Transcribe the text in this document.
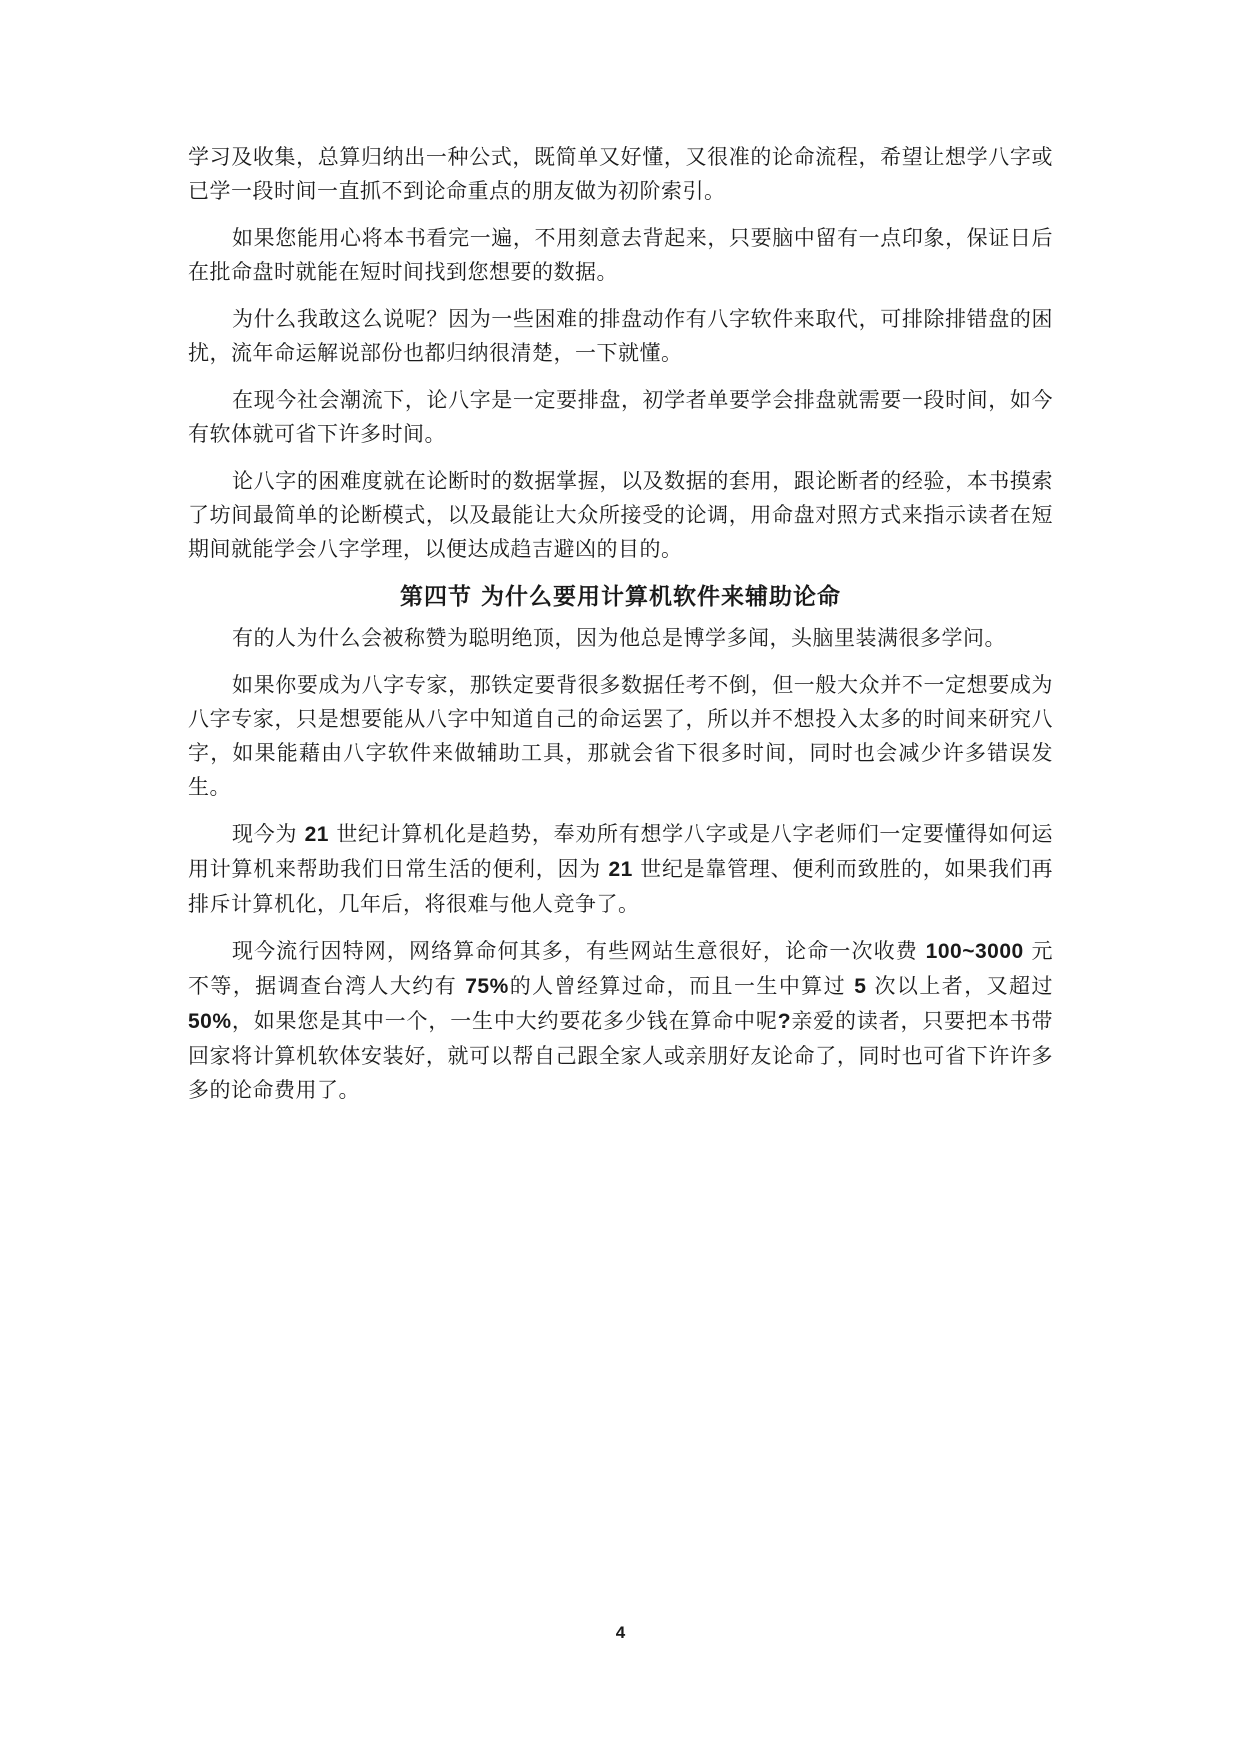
学习及收集，总算归纳出一种公式，既简单又好懂，又很准的论命流程，希望让想学八字或已学一段时间一直抓不到论命重点的朋友做为初阶索引。

如果您能用心将本书看完一遍，不用刻意去背起来，只要脑中留有一点印象，保证日后在批命盘时就能在短时间找到您想要的数据。

为什么我敢这么说呢？因为一些困难的排盘动作有八字软件来取代，可排除排错盘的困扰，流年命运解说部份也都归纳很清楚，一下就懂。

在现今社会潮流下，论八字是一定要排盘，初学者单要学会排盘就需要一段时间，如今有软体就可省下许多时间。

论八字的困难度就在论断时的数据掌握，以及数据的套用，跟论断者的经验，本书摸索了坊间最简单的论断模式，以及最能让大众所接受的论调，用命盘对照方式来指示读者在短期间就能学会八字学理，以便达成趋吉避凶的目的。

第四节 为什么要用计算机软件来辅助论命

有的人为什么会被称赞为聪明绝顶，因为他总是博学多闻，头脑里装满很多学问。

如果你要成为八字专家，那铁定要背很多数据任考不倒，但一般大众并不一定想要成为八字专家，只是想要能从八字中知道自己的命运罢了，所以并不想投入太多的时间来研究八字，如果能藉由八字软件来做辅助工具，那就会省下很多时间，同时也会减少许多错误发生。

现今为 21 世纪计算机化是趋势，奉劝所有想学八字或是八字老师们一定要懂得如何运用计算机来帮助我们日常生活的便利，因为 21 世纪是靠管理、便利而致胜的，如果我们再排斥计算机化，几年后，将很难与他人竞争了。

现今流行因特网，网络算命何其多，有些网站生意很好，论命一次收费 100~3000 元不等，据调查台湾人大约有 75%的人曾经算过命，而且一生中算过 5 次以上者，又超过 50%，如果您是其中一个，一生中大约要花多少钱在算命中呢?亲爱的读者，只要把本书带回家将计算机软体安装好，就可以帮自己跟全家人或亲朋好友论命了，同时也可省下许许多多的论命费用了。

4
